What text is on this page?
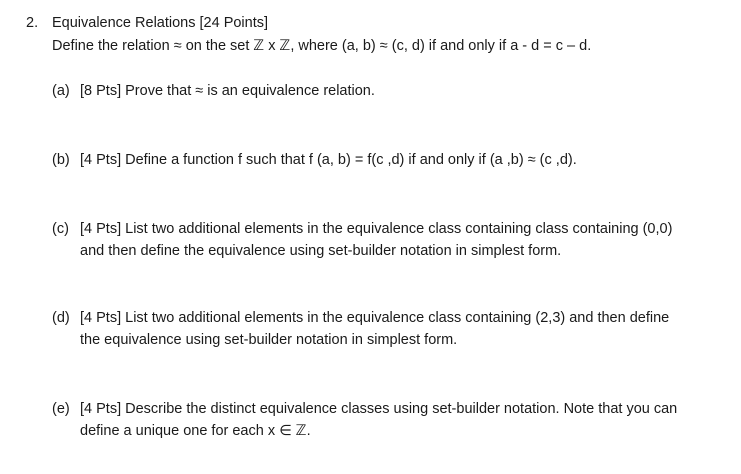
2. Equivalence Relations [24 Points]
Define the relation ≈ on the set ℤ x ℤ, where (a, b) ≈ (c, d) if and only if a - d = c – d.
(a) [8 Pts] Prove that ≈ is an equivalence relation.
(b) [4 Pts] Define a function f such that f (a, b) = f(c ,d) if and only if (a ,b) ≈ (c ,d).
(c) [4 Pts] List two additional elements in the equivalence class containing class containing (0,0)
and then define the equivalence using set-builder notation in simplest form.
(d) [4 Pts] List two additional elements in the equivalence class containing (2,3) and then define
the equivalence using set-builder notation in simplest form.
(e) [4 Pts] Describe the distinct equivalence classes using set-builder notation. Note that you can
define a unique one for each x ∈ ℤ.
